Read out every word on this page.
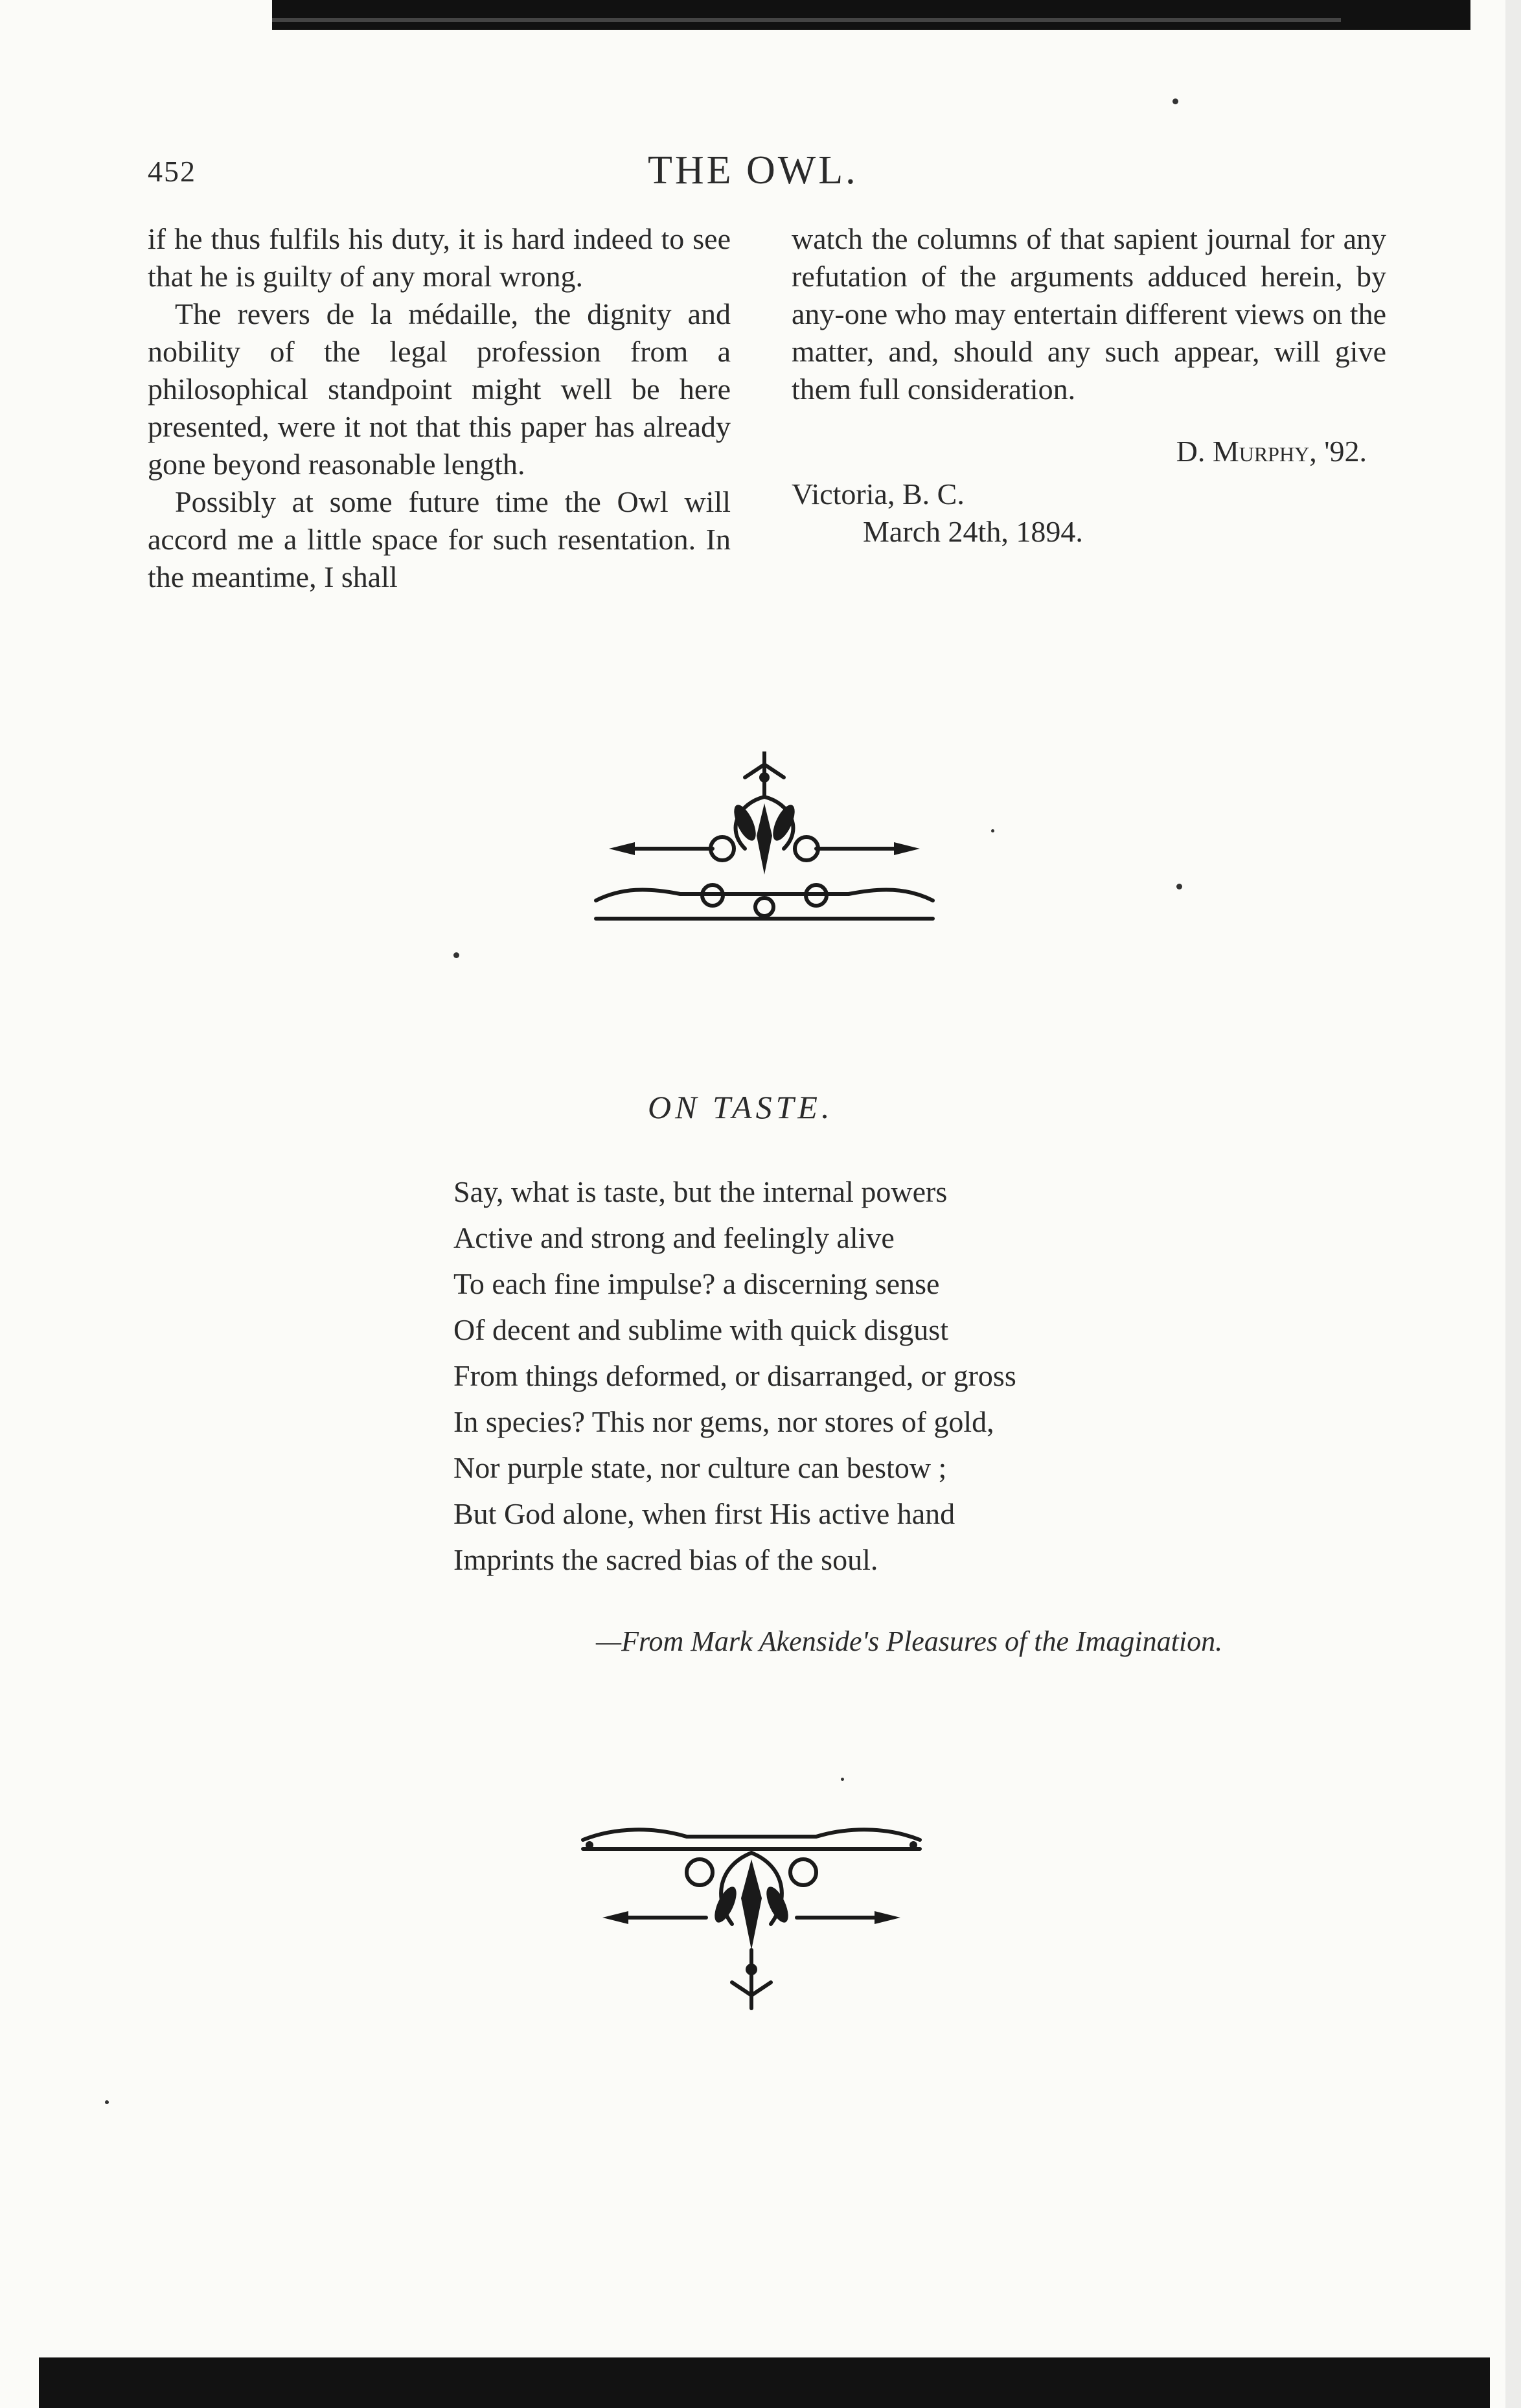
452	THE OWL.

if he thus fulfils his duty, it is hard indeed to see that he is guilty of any moral wrong.

The revers de la médaille, the dignity and nobility of the legal profession from a philosophical standpoint might well be here presented, were it not that this paper has already gone beyond reasonable length.

Possibly at some future time the Owl will accord me a little space for such resentation. In the meantime, I shall

watch the columns of that sapient journal for any refutation of the arguments adduced herein, by any-one who may entertain different views on the matter, and, should any such appear, will give them full consideration.

D. Murphy, '92.
Victoria, B. C.
March 24th, 1894.
ON TASTE.
Say, what is taste, but the internal powers
Active and strong and feelingly alive
To each fine impulse? a discerning sense
Of decent and sublime with quick disgust
From things deformed, or disarranged, or gross
In species? This nor gems, nor stores of gold,
Nor purple state, nor culture can bestow ;
But God alone, when first His active hand
Imprints the sacred bias of the soul.
—From Mark Akenside's Pleasures of the Imagination.
